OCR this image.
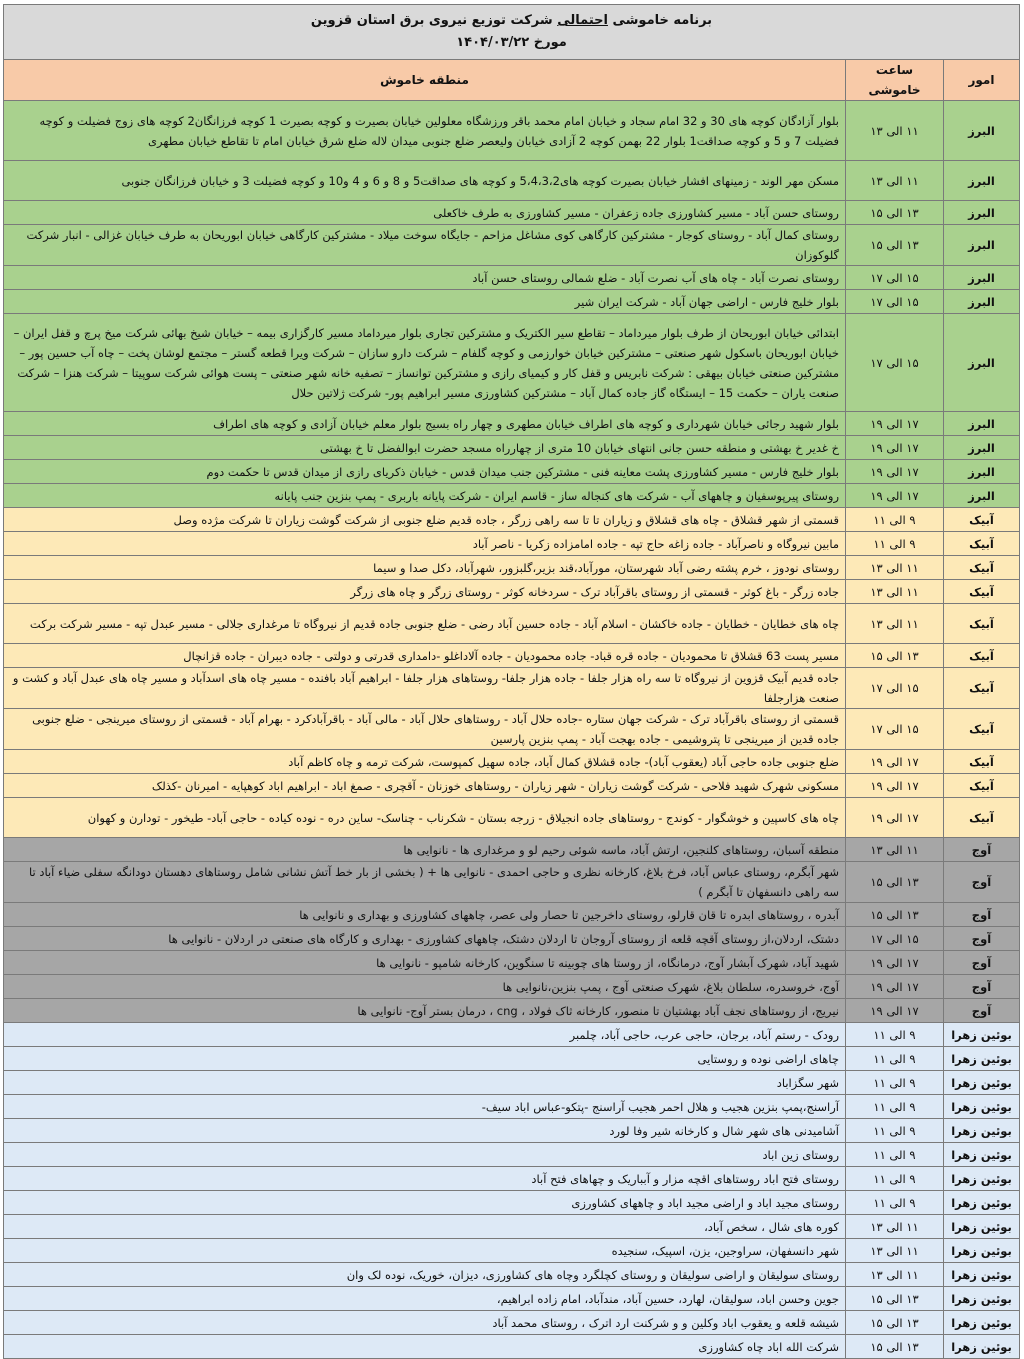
برنامه خاموشی احتمالی شرکت توزیع نیروی برق استان قزوین
مورخ ۱۴۰۴/۰۳/۲۲		

امور	ساعت خاموشی	منطقه خاموش
البرز	۱۱ الی ۱۳	بلوار آزادگان کوچه های 30 و 32 امام سجاد و خیابان امام محمد باقر ورزشگاه معلولین خیابان بصیرت و کوچه بصیرت 1 کوچه فرزانگان2 کوچه های زوج فضیلت و کوچه فضیلت 7 و 5 و کوچه صداقت1 بلوار 22 بهمن کوچه 2 آزادی خیابان ولیعصر ضلع جنوبی میدان لاله ضلع شرق خیابان امام تا تقاطع خیابان مطهری
البرز	۱۱ الی ۱۳	مسکن مهر الوند - زمینهای افشار خیابان بصیرت کوچه های5،4،3،2 و کوچه های صداقت5 و 8 و 6 و 4 و10 و کوچه فضیلت 3 و خیابان فرزانگان جنوبی
البرز	۱۳ الی ۱۵	روستای حسن آباد - مسیر کشاورزی جاده زعفران - مسیر کشاورزی به طرف خاکعلی
البرز	۱۳ الی ۱۵	روستای کمال آباد - روستای کوجار - مشترکین کارگاهی کوی مشاغل مزاحم - جایگاه سوخت میلاد - مشترکین کارگاهی خیابان ابوریحان به طرف خیابان غزالی - انبار شرکت گلوکوزان
البرز	۱۵ الی ۱۷	روستای نصرت آباد - چاه های آب نصرت آباد - ضلع شمالی روستای حسن آباد
البرز	۱۵ الی ۱۷	بلوار خلیج فارس - اراضی جهان آباد - شرکت ایران شیر
البرز	۱۵ الی ۱۷	ابتدائی خیابان ابوریحان از طرف بلوار میرداماد – تقاطع سیر الکتریک و مشترکین تجاری بلوار میرداماد مسیر کارگزاری بیمه – خیابان شیخ بهائی شرکت میخ پرچ و قفل ایران – خیابان ابوریحان باسکول شهر صنعتی – مشترکین خیابان خوارزمی و کوچه گلفام – شرکت دارو سازان – شرکت ویرا قطعه گستر – مجتمع لوشان پخت – چاه آب حسین پور – مشترکین صنعتی خیابان بیهقی : شرکت نابریس و قفل کار و کیمیای رازی و مشترکین توانساز – تصفیه خانه شهر صنعتی – پست هوائی شرکت سوپیتا – شرکت هنزا – شرکت صنعت یاران – حکمت 15 – ایستگاه گاز جاده کمال آباد – مشترکین کشاورزی مسیر ابراهیم پور- شرکت ژلاتین حلال
البرز	۱۷ الی ۱۹	بلوار شهید رجائی خیابان شهرداری و کوچه های اطراف خیابان مطهری و چهار راه بسیج بلوار معلم خیابان آزادی و کوچه های اطراف
البرز	۱۷ الی ۱۹	خ غدیر خ بهشتی و منطقه حسن جانی انتهای خیابان 10 متری از چهارراه مسجد حضرت ابوالفضل تا خ بهشتی
البرز	۱۷ الی ۱۹	بلوار خلیج فارس - مسیر کشاورزی پشت معاینه فنی - مشترکین جنب میدان قدس - خیابان ذکریای رازی از میدان قدس تا حکمت دوم
البرز	۱۷ الی ۱۹	روستای پیرپوسفیان و چاههای آب - شرکت های کنجاله ساز - قاسم ایران - شرکت پایانه باربری - پمپ بنزین جنب پایانه
آبیک	۹ الی ۱۱	قسمتی از شهر قشلاق - چاه های قشلاق و زیاران تا تا سه راهی زرگر ، جاده قدیم ضلع جنوبی از شرکت گوشت زیاران تا شرکت مژده وصل
آبیک	۹ الی ۱۱	مابین نیروگاه و ناصرآباد - جاده زاغه حاج تپه - جاده امامزاده زکریا - ناصر آباد
آبیک	۱۱ الی ۱۳	روستای نودوز ، خرم پشته رضی آباد شهرستان، مورآباد،قند بزیر،گلبزور، شهرآباد، دکل صدا و سیما
آبیک	۱۱ الی ۱۳	جاده زرگر - باغ کوثر - قسمتی از روستای باقرآباد ترک - سردخانه کوثر - روستای زرگر و چاه های زرگر
آبیک	۱۱ الی ۱۳	چاه های خطایان - خطایان - جاده خاکشان - اسلام آباد - جاده حسین آباد رضی - ضلع جنوبی جاده قدیم از نیروگاه تا مرغداری جلالی - مسیر عبدل تپه - مسیر شرکت برکت
آبیک	۱۳ الی ۱۵	مسیر پست 63 قشلاق تا محمودیان - جاده قره قباد- جاده محمودیان - جاده آلاداغلو -دامداری قدرتی و دولتی - جاده دیبران - جاده قزانچال
آبیک	۱۵ الی ۱۷	جاده قدیم آبیک قزوین از نیروگاه تا سه راه هزار جلفا - جاده هزار جلفا- روستاهای هزار جلفا - ابراهیم آباد بافنده - مسیر چاه های اسدآباد و مسیر چاه های عبدل آباد و کشت و صنعت هزارجلفا
آبیک	۱۵ الی ۱۷	قسمتی از روستای باقرآباد ترک - شرکت جهان ستاره -جاده حلال آباد - روستاهای حلال آباد - مالی آباد - باقرآبادکرد - بهرام آباد - قسمتی از روستای میرینجی - ضلع جنوبی جاده قدین از میرینجی تا پتروشیمی - جاده بهجت آباد - پمپ بنزین پارسین
آبیک	۱۷ الی ۱۹	ضلع جنوبی جاده حاجی آباد (یعقوب آباد)- جاده قشلاق کمال آباد، جاده سهیل کمپوست، شرکت ترمه و چاه کاظم آباد
آبیک	۱۷ الی ۱۹	مسکونی شهرک شهید فلاحی - شرکت گوشت زیاران - شهر زیاران - روستاهای خوزنان - آقچری - صمغ اباد - ابراهیم اباد کوهپایه - امیرنان -کذلک
آبیک	۱۷ الی ۱۹	چاه های کاسپین و خوشگوار - کوندج - روستاهای جاده انجیلاق - زرجه بستان - شکرناب - چناسک- ساین دره - نوده کیاده - حاجی آباد- طیخور - تودارن و کهوان
آوج	۱۱ الی ۱۳	منطقه آسبان، روستاهای کلنجین، ارتش آباد، ماسه شوئی رحیم لو و مرغداری ها - نانوایی ها
آوج	۱۳ الی ۱۵	شهر آبگرم، روستای عباس آباد، فرخ بلاغ، کارخانه نظری و حاجی احمدی - نانوایی ها + ( بخشی از بار خط آتش نشانی شامل روستاهای دهستان دودانگه سفلی ضیاء آباد تا سه راهی دانسفهان تا آبگرم )
آوج	۱۳ الی ۱۵	آبدره ، روستاهای ابدره تا قان قارلو، روستای داخرجین تا حصار ولی عصر، چاههای کشاورزی و بهداری و نانوایی ها
آوج	۱۵ الی ۱۷	دشتک، اردلان،از روستای آقچه قلعه از روستای آروجان تا اردلان دشتک، چاههای کشاورزی - بهداری و کارگاه های صنعتی در اردلان - نانوایی ها
آوج	۱۷ الی ۱۹	شهید آباد، شهرک آبشار آوج، درمانگاه، از روستا های چوبینه تا سنگوین، کارخانه شامپو - نانوایی ها
آوج	۱۷ الی ۱۹	آوج، خروسدره، سلطان بلاغ، شهرک صنعتی آوج ، پمپ بنزین،نانوایی ها
آوج	۱۷ الی ۱۹	نیریج، از روستاهای نجف آباد بهشتیان تا منصور، کارخانه ثاک فولاد ، cng ، درمان بستر آوج- نانوایی ها
بوئین زهرا	۹ الی ۱۱	رودک - رستم آباد، برجان، حاجی عرب، حاجی آباد، چلمبر
بوئین زهرا	۹ الی ۱۱	چاهای اراضی نوده و روستایی
بوئین زهرا	۹ الی ۱۱	شهر سگزاباد
بوئین زهرا	۹ الی ۱۱	آراسنج،پمپ بنزین هجیب و هلال احمر هجیب آراسنج -پتکو-عباس اباد سیف-
بوئین زهرا	۹ الی ۱۱	آشامیدنی های شهر شال و کارخانه شیر وفا لورد
بوئین زهرا	۹ الی ۱۱	روستای زین اباد
بوئین زهرا	۹ الی ۱۱	روستای فتح اباد روستاهای اقچه مزار و آبباریک و چهاهای فتح آباد
بوئین زهرا	۹ الی ۱۱	روستای مجید اباد و اراضی مجید اباد و چاههای کشاورزی
بوئین زهرا	۱۱ الی ۱۳	کوره های شال ، سخص آباد،
بوئین زهرا	۱۱ الی ۱۳	شهر دانسفهان، سراوجین، یزن، اسپیک، سنجیده
بوئین زهرا	۱۱ الی ۱۳	روستای سولیقان و اراضی سولیقان و روستای کچلگرد وچاه های کشاورزی، دیزان، خوریک، نوده لک وان
بوئین زهرا	۱۳ الی ۱۵	جوین وحسن اباد، سولیقان، لهارد، حسین آباد، مندآباد، امام زاده ابراهیم،
بوئین زهرا	۱۳ الی ۱۵	شیشه قلعه و یعقوب اباد وکلین و و شرکنت ارد اترک ، روستای محمد آباد
بوئین زهرا	۱۳ الی ۱۵	شرکت الله اباد چاه کشاورزی
